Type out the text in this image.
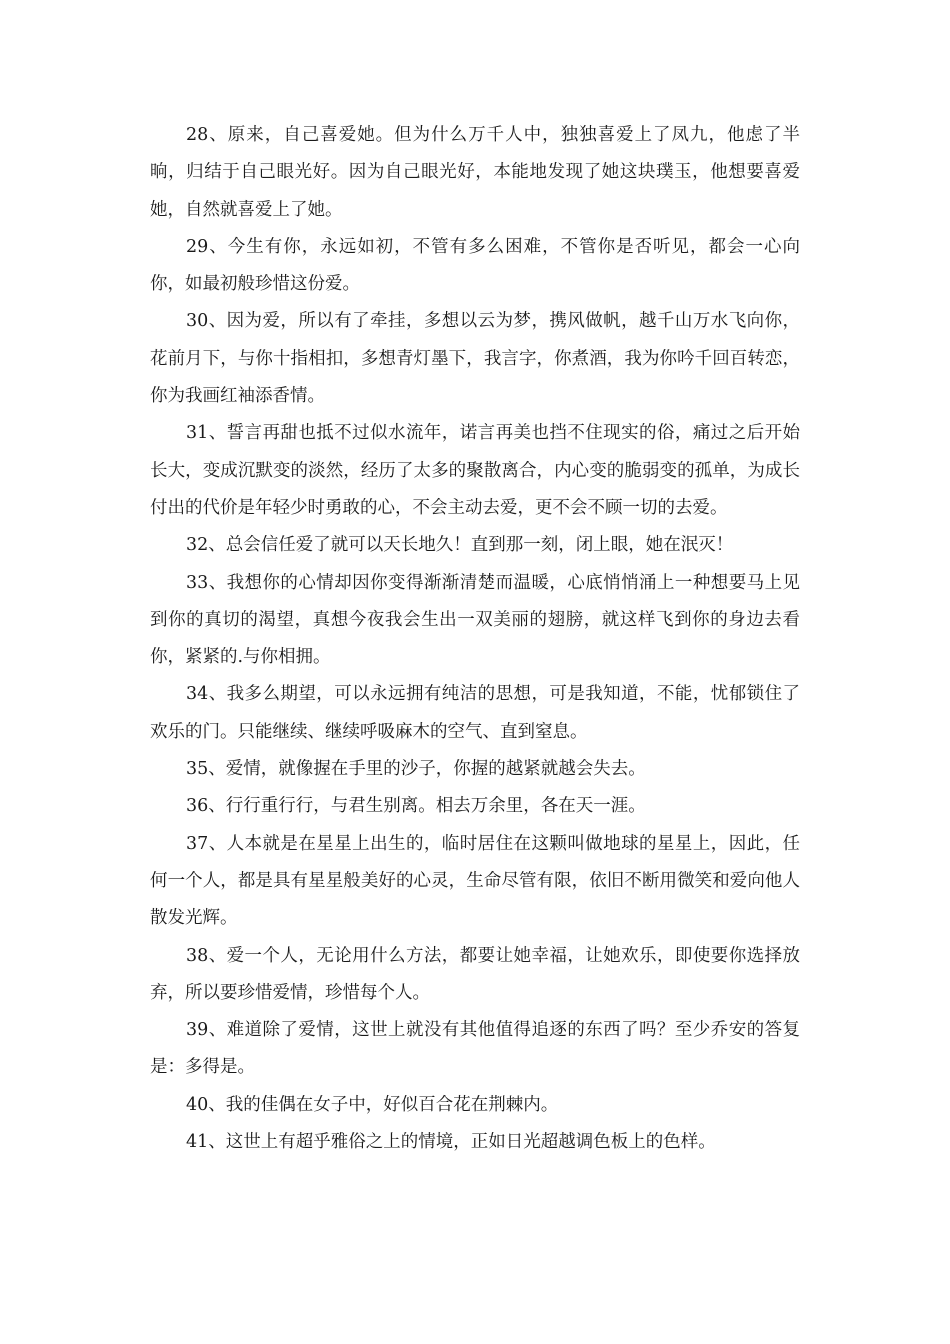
28、原来，自己喜爱她。但为什么万千人中，独独喜爱上了凤九，他虑了半晌，归结于自己眼光好。因为自己眼光好，本能地发现了她这块璞玉，他想要喜爱她，自然就喜爱上了她。

29、今生有你，永远如初，不管有多么困难，不管你是否听见，都会一心向你，如最初般珍惜这份爱。

30、因为爱，所以有了牵挂，多想以云为梦，携风做帆，越千山万水飞向你，花前月下，与你十指相扣，多想青灯墨下，我言字，你煮酒，我为你吟千回百转恋，你为我画红袖添香情。

31、誓言再甜也抵不过似水流年，诺言再美也挡不住现实的俗，痛过之后开始长大，变成沉默变的淡然，经历了太多的聚散离合，内心变的脆弱变的孤单，为成长付出的代价是年轻少时勇敢的心，不会主动去爱，更不会不顾一切的去爱。

32、总会信任爱了就可以天长地久！直到那一刻，闭上眼，她在泯灭！

33、我想你的心情却因你变得渐渐清楚而温暖，心底悄悄涌上一种想要马上见到你的真切的渴望，真想今夜我会生出一双美丽的翅膀，就这样飞到你的身边去看你，紧紧的.与你相拥。

34、我多么期望，可以永远拥有纯洁的思想，可是我知道，不能，忧郁锁住了欢乐的门。只能继续、继续呼吸麻木的空气、直到窒息。

35、爱情，就像握在手里的沙子，你握的越紧就越会失去。

36、行行重行行，与君生别离。相去万余里，各在天一涯。

37、人本就是在星星上出生的，临时居住在这颗叫做地球的星星上，因此，任何一个人，都是具有星星般美好的心灵，生命尽管有限，依旧不断用微笑和爱向他人散发光辉。

38、爱一个人，无论用什么方法，都要让她幸福，让她欢乐，即使要你选择放弃，所以要珍惜爱情，珍惜每个人。

39、难道除了爱情，这世上就没有其他值得追逐的东西了吗？至少乔安的答复是：多得是。

40、我的佳偶在女子中，好似百合花在荆棘内。

41、这世上有超乎雅俗之上的情境，正如日光超越调色板上的色样。
